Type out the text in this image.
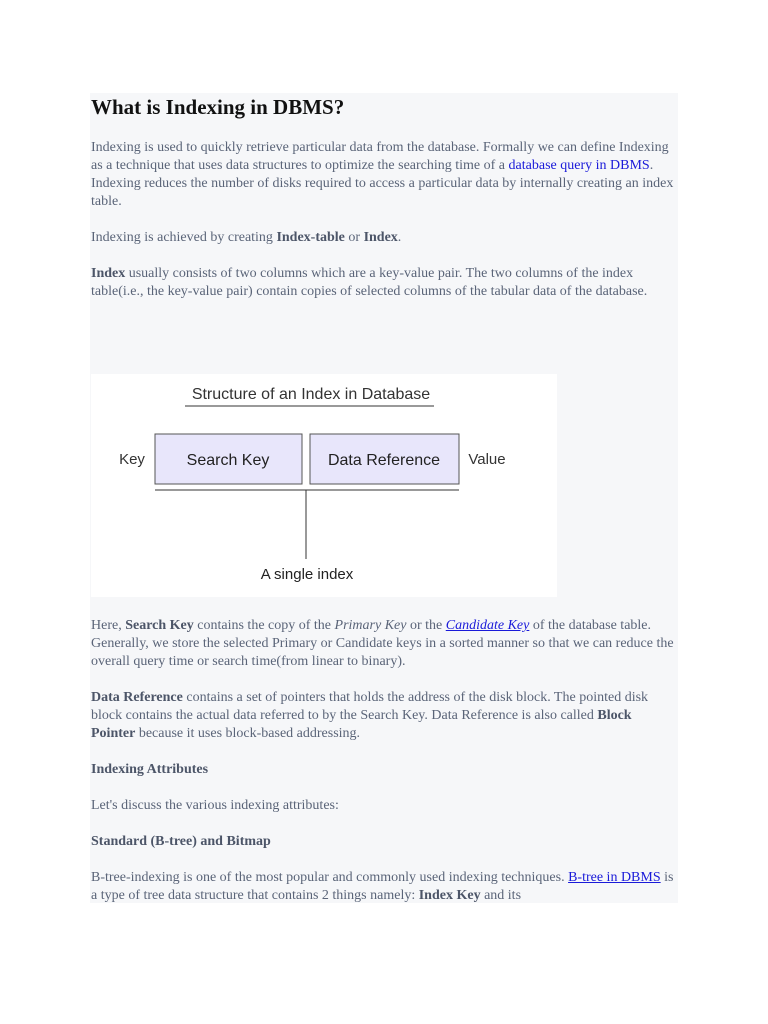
What is Indexing in DBMS?

Indexing is used to quickly retrieve particular data from the database. Formally we can define Indexing as a technique that uses data structures to optimize the searching time of a database query in DBMS. Indexing reduces the number of disks required to access a particular data by internally creating an index table.

Indexing is achieved by creating Index-table or Index.

Index usually consists of two columns which are a key-value pair. The two columns of the index table(i.e., the key-value pair) contain copies of selected columns of the tabular data of the database.

Structure of an Index in Database
Search Key	Data Reference
Key	Value
A single index

Here, Search Key contains the copy of the Primary Key or the Candidate Key of the database table. Generally, we store the selected Primary or Candidate keys in a sorted manner so that we can reduce the overall query time or search time(from linear to binary).

Data Reference contains a set of pointers that holds the address of the disk block. The pointed disk block contains the actual data referred to by the Search Key. Data Reference is also called Block Pointer because it uses block-based addressing.

Indexing Attributes

Let's discuss the various indexing attributes:

Standard (B-tree) and Bitmap

B-tree-indexing is one of the most popular and commonly used indexing techniques. B-tree in DBMS is a type of tree data structure that contains 2 things namely: Index Key and its
